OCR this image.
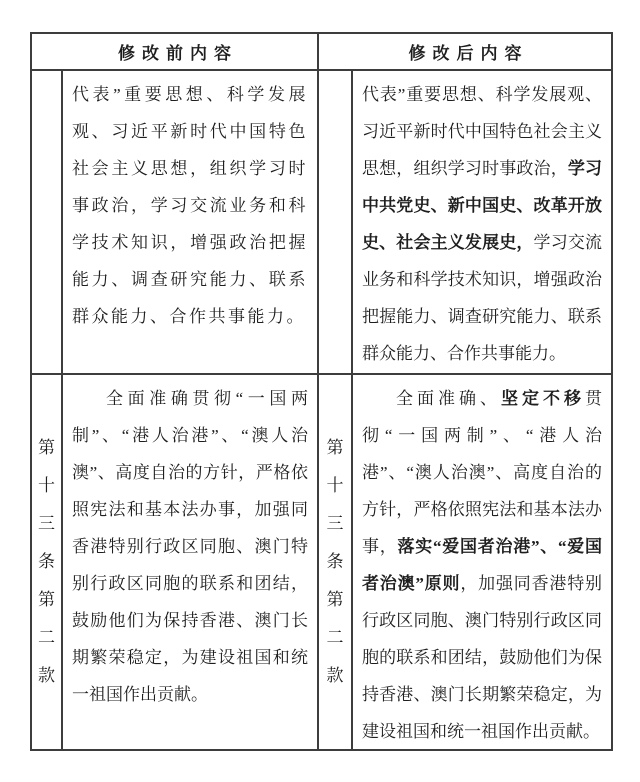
修改前内容	修改后内容
代表”重要思想、科学发展观、习近平新时代中国特色社会主义思想，组织学习时事政治，学习交流业务和科学技术知识，增强政治把握能力、调查研究能力、联系群众能力、合作共事能力。
代表”重要思想、科学发展观、习近平新时代中国特色社会主义思想，组织学习时事政治，学习中共党史、新中国史、改革开放史、社会主义发展史，学习交流业务和科学技术知识，增强政治把握能力、调查研究能力、联系群众能力、合作共事能力。
第
十
三
条
第
二
款
全面准确贯彻“一国两制”、“港人治港”、“澳人治澳”、高度自治的方针，严格依照宪法和基本法办事，加强同香港特别行政区同胞、澳门特别行政区同胞的联系和团结，鼓励他们为保持香港、澳门长期繁荣稳定，为建设祖国和统一祖国作出贡献。
第
十
三
条
第
二
款
全面准确、坚定不移贯彻“一国两制”、“港人治港”、“澳人治澳”、高度自治的方针，严格依照宪法和基本法办事，落实“爱国者治港”、“爱国者治澳”原则，加强同香港特别行政区同胞、澳门特别行政区同胞的联系和团结，鼓励他们为保持香港、澳门长期繁荣稳定，为建设祖国和统一祖国作出贡献。
